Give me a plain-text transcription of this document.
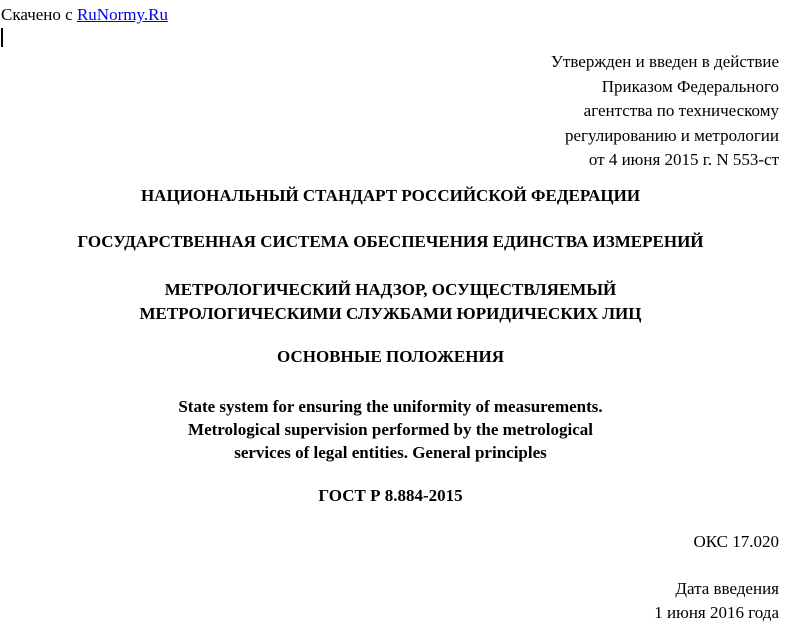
Скачено с RuNormy.Ru
Утвержден и введен в действие
Приказом Федерального
агентства по техническому
регулированию и метрологии
от 4 июня 2015 г. N 553-ст
НАЦИОНАЛЬНЫЙ СТАНДАРТ РОССИЙСКОЙ ФЕДЕРАЦИИ
ГОСУДАРСТВЕННАЯ СИСТЕМА ОБЕСПЕЧЕНИЯ ЕДИНСТВА ИЗМЕРЕНИЙ
МЕТРОЛОГИЧЕСКИЙ НАДЗОР, ОСУЩЕСТВЛЯЕМЫЙ
МЕТРОЛОГИЧЕСКИМИ СЛУЖБАМИ ЮРИДИЧЕСКИХ ЛИЦ
ОСНОВНЫЕ ПОЛОЖЕНИЯ
State system for ensuring the uniformity of measurements.
Metrological supervision performed by the metrological
services of legal entities. General principles
ГОСТ Р 8.884-2015
ОКС 17.020
Дата введения
1 июня 2016 года
